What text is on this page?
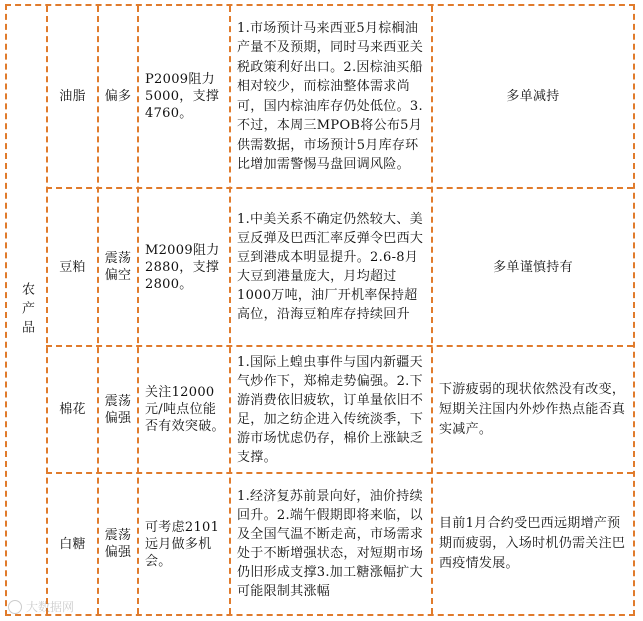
农产品
油脂 偏多
P2009阻力5000，支撑4760。
1.市场预计马来西亚5月棕榈油产量不及预期，同时马来西亚关税政策利好出口。2.因棕油买船相对较少，而棕油整体需求尚可，国内棕油库存仍处低位。3.不过，本周三MPOB将公布5月供需数据，市场预计5月库存环比增加需警惕马盘回调风险。
多单减持
豆粕
震荡偏空
M2009阻力2880，支撑2800。
1.中美关系不确定仍然较大、美豆反弹及巴西汇率反弹令巴西大豆到港成本明显提升。2.6-8月大豆到港量庞大，月均超过1000万吨，油厂开机率保持超高位，沿海豆粕库存持续回升
多单谨慎持有
棉花
震荡偏强
关注12000元/吨点位能否有效突破。
1.国际上蝗虫事件与国内新疆天气炒作下，郑棉走势偏强。2.下游消费依旧疲软，订单量依旧不足，加之纺企进入传统淡季，下游市场忧虑仍存，棉价上涨缺乏支撑。
下游疲弱的现状依然没有改变，短期关注国内外炒作热点能否真实减产。
白糖
震荡偏强
可考虑2101远月做多机会。
1.经济复苏前景向好，油价持续回升。2.端午假期即将来临，以及全国气温不断走高，市场需求处于不断增强状态，对短期市场仍旧形成支撑3.加工糖涨幅扩大可能限制其涨幅
目前1月合约受巴西远期增产预期而疲弱，入场时机仍需关注巴西疫情发展。
大数据网
